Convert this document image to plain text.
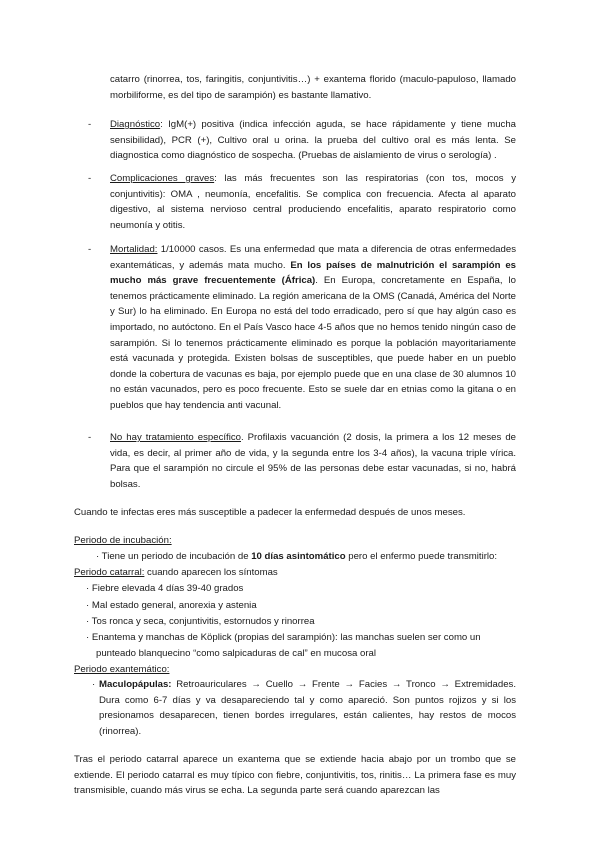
catarro (rinorrea, tos, faringitis, conjuntivitis…) + exantema florido (maculo-papuloso, llamado morbiliforme, es del tipo de sarampión) es bastante llamativo.
- Diagnóstico: IgM(+) positiva (indica infección aguda, se hace rápidamente y tiene mucha sensibilidad), PCR (+), Cultivo oral u orina. la prueba del cultivo oral es más lenta. Se diagnostica como diagnóstico de sospecha. (Pruebas de aislamiento de virus o serología) .
- Complicaciones graves: las más frecuentes son las respiratorias (con tos, mocos y conjuntivitis): OMA , neumonía, encefalitis. Se complica con frecuencia. Afecta al aparato digestivo, al sistema nervioso central produciendo encefalitis, aparato respiratorio como neumonía y otitis.
- Mortalidad: 1/10000 casos. Es una enfermedad que mata a diferencia de otras enfermedades exantemáticas, y además mata mucho. En los países de malnutrición el sarampión es mucho más grave frecuentemente (África). En Europa, concretamente en España, lo tenemos prácticamente eliminado. La región americana de la OMS (Canadá, América del Norte y Sur) lo ha eliminado. En Europa no está del todo erradicado, pero sí que hay algún caso es importado, no autóctono. En el País Vasco hace 4-5 años que no hemos tenido ningún caso de sarampión. Si lo tenemos prácticamente eliminado es porque la población mayoritariamente está vacunada y protegida. Existen bolsas de susceptibles, que puede haber en un pueblo donde la cobertura de vacunas es baja, por ejemplo puede que en una clase de 30 alumnos 10 no están vacunados, pero es poco frecuente. Esto se suele dar en etnias como la gitana o en pueblos que hay tendencia anti vacunal.
- No hay tratamiento específico. Profilaxis vacuanción (2 dosis, la primera a los 12 meses de vida, es decir, al primer año de vida, y la segunda entre los 3-4 años), la vacuna triple vírica. Para que el sarampión no circule el 95% de las personas debe estar vacunadas, si no, habrá bolsas.
Cuando te infectas eres más susceptible a padecer la enfermedad después de unos meses.
Periodo de incubación:
· Tiene un periodo de incubación de 10 días asintomático pero el enfermo puede transmitirlo:
Periodo catarral: cuando aparecen los síntomas
· Fiebre elevada 4 días 39-40 grados
· Mal estado general, anorexia y astenia
· Tos ronca y seca, conjuntivitis, estornudos y rinorrea
· Enantema y manchas de Köplick (propias del sarampión): las manchas suelen ser como un
punteado blanquecino “como salpicaduras de cal” en mucosa oral
Periodo exantemático:
· Maculopápulas: Retroauriculares → Cuello → Frente → Facies → Tronco → Extremidades. Dura como 6-7 días y va desapareciendo tal y como apareció. Son puntos rojizos y si los presionamos desaparecen, tienen bordes irregulares, están calientes, hay restos de mocos (rinorrea).
Tras el periodo catarral aparece un exantema que se extiende hacia abajo por un trombo que se extiende. El periodo catarral es muy típico con fiebre, conjuntivitis, tos, rinitis… La primera fase es muy transmisible, cuando más virus se echa. La segunda parte será cuando aparezcan las
